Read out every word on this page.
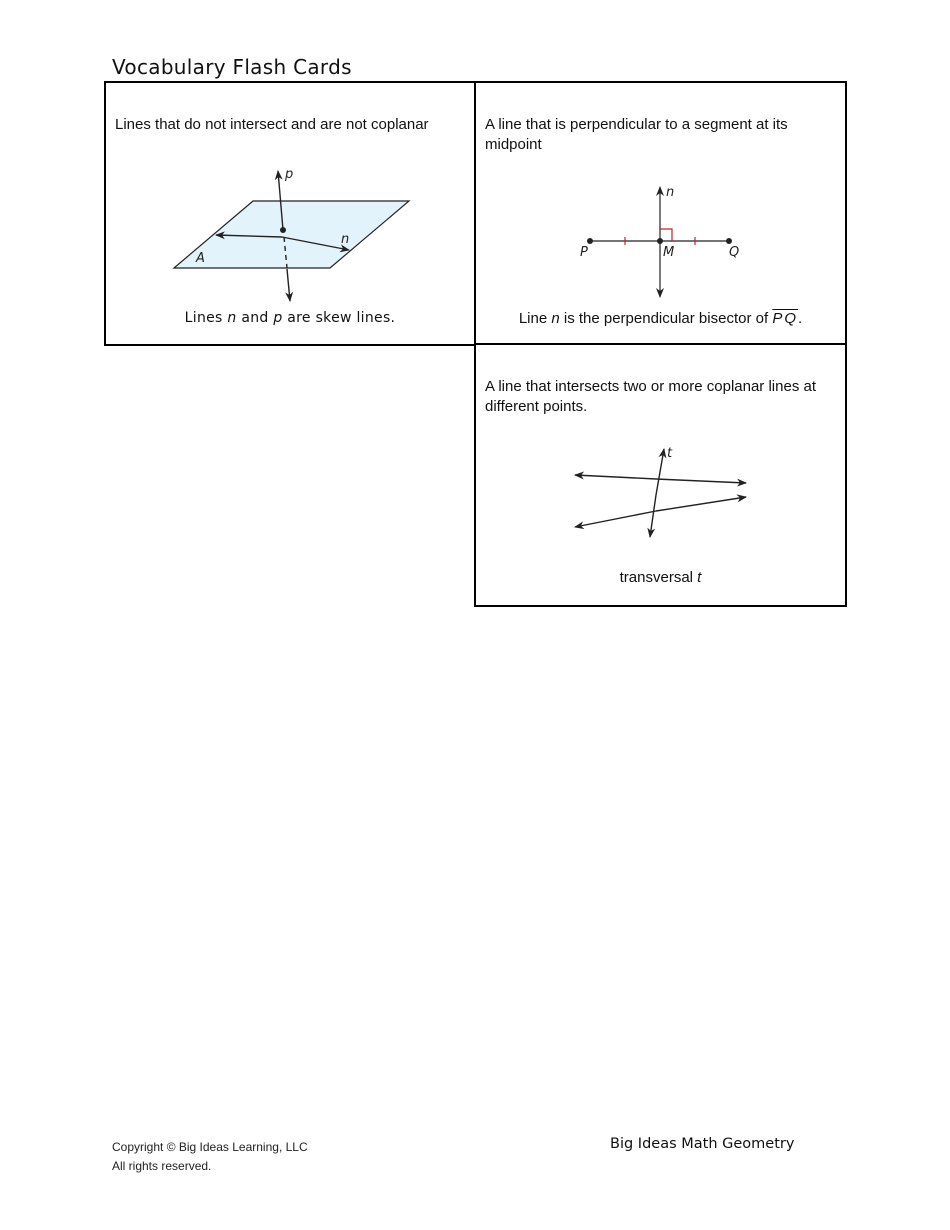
Vocabulary Flash Cards
Lines that do not intersect and are not coplanar
p
n
A
Lines n and p are skew lines.
A line that is perpendicular to a segment at its midpoint
n
P	M	Q
Line n is the perpendicular bisector of $\overline{PQ}$.
A line that intersects two or more coplanar lines at different points.
t
transversal t
Copyright © Big Ideas Learning, LLC
All rights reserved.
Big Ideas Math Geometry
